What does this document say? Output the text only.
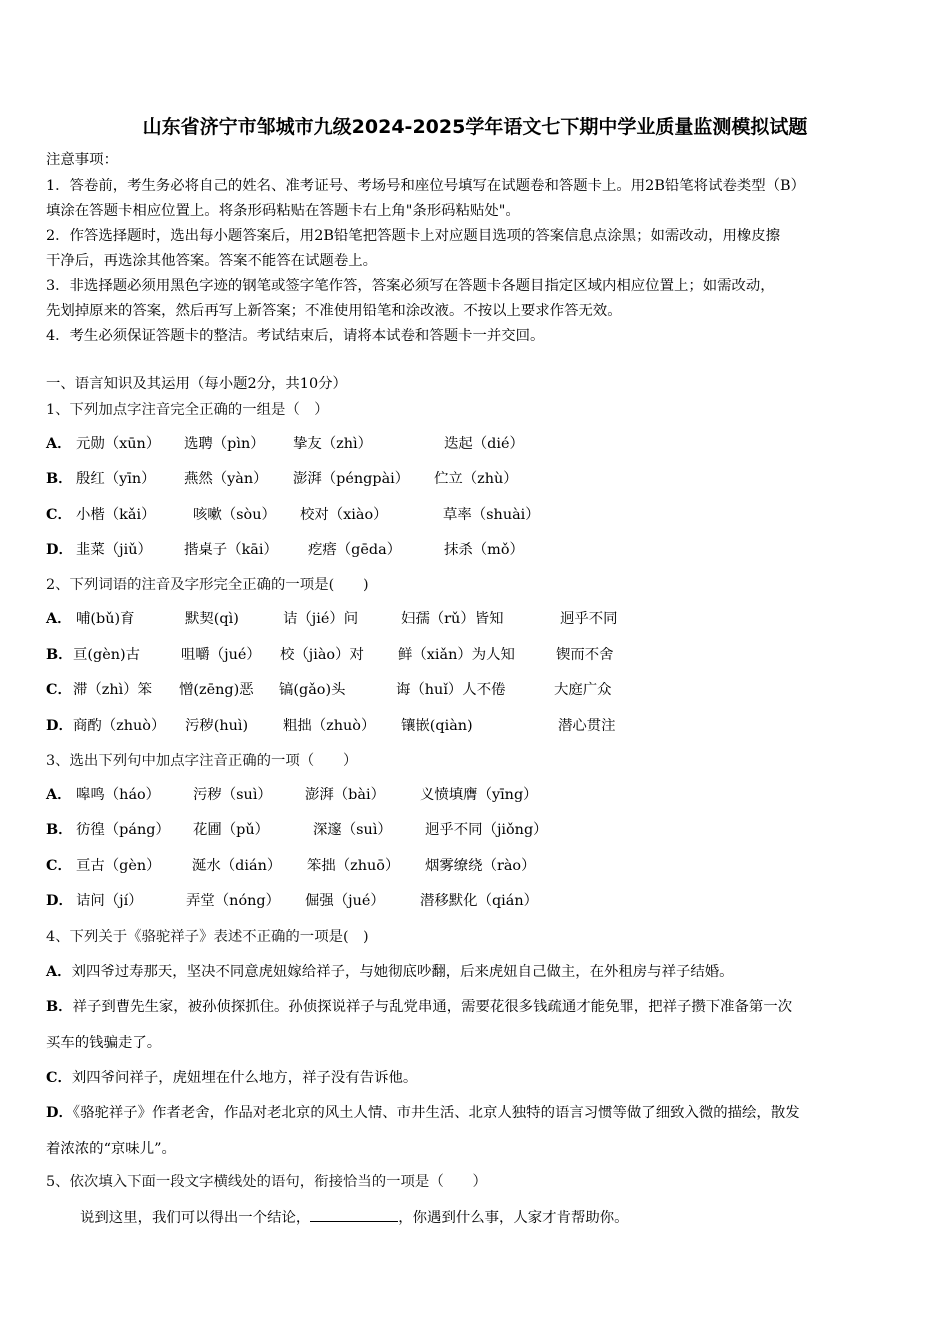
山东省济宁市邹城市九级2024-2025学年语文七下期中学业质量监测模拟试题
注意事项：
1．答卷前，考生务必将自己的姓名、准考证号、考场号和座位号填写在试题卷和答题卡上。用2B铅笔将试卷类型（B）
填涂在答题卡相应位置上。将条形码粘贴在答题卡右上角"条形码粘贴处"。
2．作答选择题时，选出每小题答案后，用2B铅笔把答题卡上对应题目选项的答案信息点涂黑；如需改动，用橡皮擦
干净后，再选涂其他答案。答案不能答在试题卷上。
3．非选择题必须用黑色字迹的钢笔或签字笔作答，答案必须写在答题卡各题目指定区域内相应位置上；如需改动，
先划掉原来的答案，然后再写上新答案；不准使用铅笔和涂改液。不按以上要求作答无效。
4．考生必须保证答题卡的整洁。考试结束后，请将本试卷和答题卡一并交回。
一、语言知识及其运用（每小题2分，共10分）
1、下列加点字注音完全正确的一组是（　）
A． 元勋（xūn） 选聘（pìn） 挚友（zhì）	迭起（dié）
B． 殷红（yīn） 燕然（yàn） 澎湃（péngpài） 伫立（zhù）
C． 小楷（kǎi）	咳嗽（sòu） 校对（xiào）	草率（shuài）
D． 韭菜（jiǔ） 揩桌子（kāi） 疙瘩（gēda）	抹杀（mǒ）
2、下列词语的注音及字形完全正确的一项是(　　)
A． 哺(bǔ)育	默契(qì)	诘（jié）问	妇孺（rǔ）皆知	迥乎不同
B． 亘(gèn)古	咀嚼（jué） 校（jiào）对 鲜（xiǎn）为人知	锲而不舍
C． 滞（zhì）笨 憎(zēng)恶 镐(gǎo)头	诲（huǐ）人不倦	大庭广众
D． 商酌（zhuò） 污秽(huì) 粗拙（zhuò） 镶嵌(qiàn)	潜心贯注
3、选出下列句中加点字注音正确的一项（　　）
A． 嗥鸣（háo） 污秽（suì） 澎湃（bài） 义愤填膺（yīng）
B． 彷徨（páng） 花圃（pǔ）	深邃（suì） 迥乎不同（jiǒng）
C． 亘古（gèn） 涎水（dián） 笨拙（zhuō） 烟雾缭绕（rào）
D． 诘问（jí）	弄堂（nóng） 倔强（jué） 潜移默化（qián）
4、下列关于《骆驼祥子》表述不正确的一项是(　)
A．刘四爷过寿那天，坚决不同意虎妞嫁给祥子，与她彻底吵翻，后来虎妞自己做主，在外租房与祥子结婚。
B．祥子到曹先生家，被孙侦探抓住。孙侦探说祥子与乱党串通，需要花很多钱疏通才能免罪，把祥子攒下准备第一次
买车的钱骗走了。
C．刘四爷问祥子，虎妞埋在什么地方，祥子没有告诉他。
D．《骆驼祥子》作者老舍，作品对老北京的风土人情、市井生活、北京人独特的语言习惯等做了细致入微的描绘，散发
着浓浓的“京味儿”。
5、依次填入下面一段文字横线处的语句，衔接恰当的一项是（　　）
说到这里，我们可以得出一个结论，	，你遇到什么事，人家才肯帮助你。
